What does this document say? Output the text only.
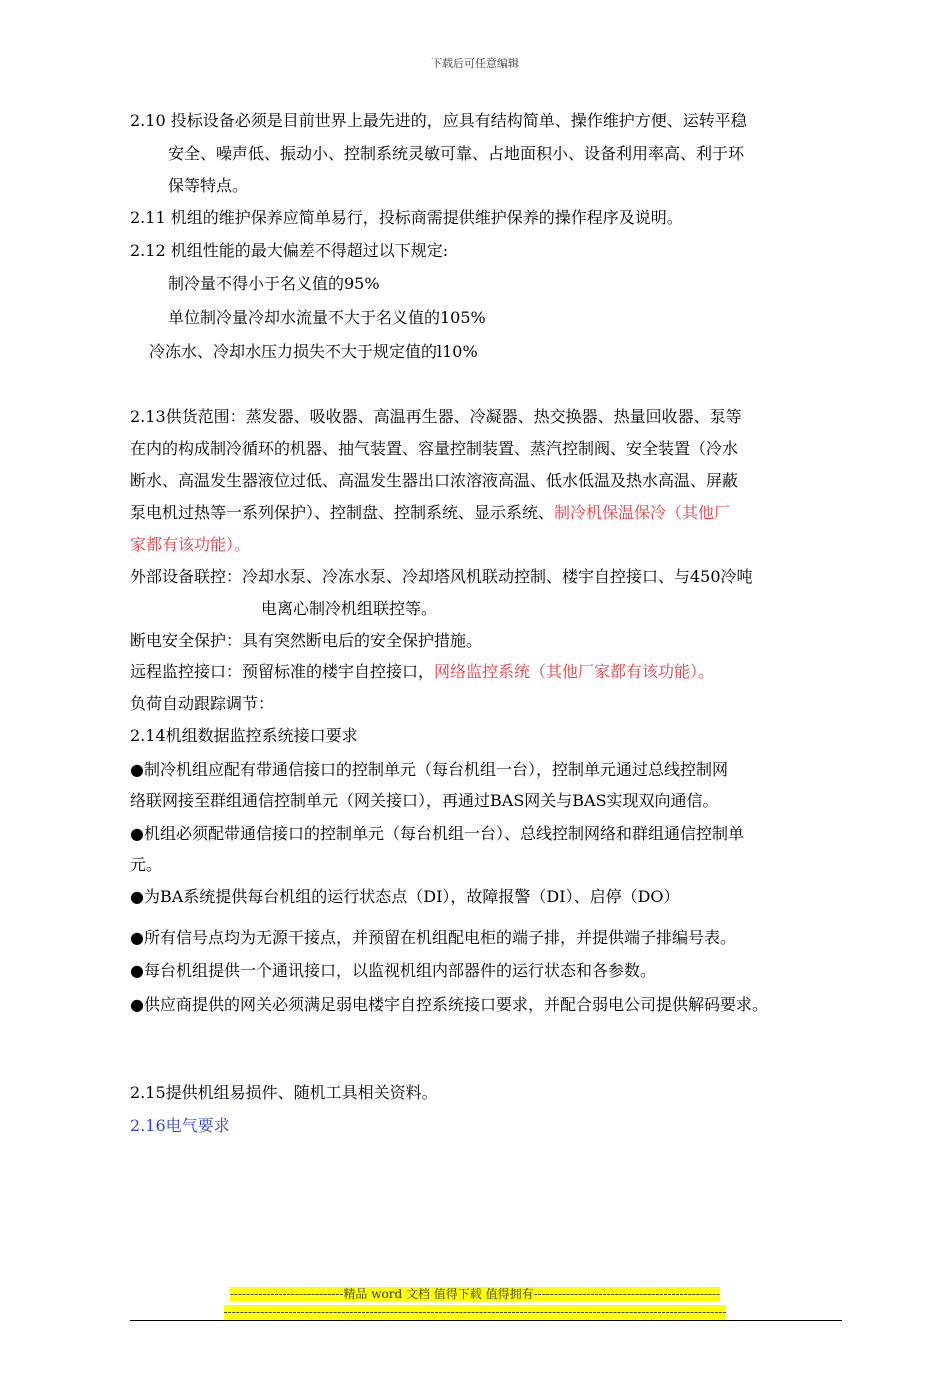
下载后可任意编辑
2.10 投标设备必须是目前世界上最先进的，应具有结构简单、操作维护方便、运转平稳
安全、噪声低、振动小、控制系统灵敏可靠、占地面积小、设备利用率高、利于环
保等特点。
2.11 机组的维护保养应简单易行，投标商需提供维护保养的操作程序及说明。
2.12 机组性能的最大偏差不得超过以下规定:
制冷量不得小于名义值的95%
单位制冷量冷却水流量不大于名义值的105%
冷冻水、冷却水压力损失不大于规定值的l10%
2.13供货范围：蒸发器、吸收器、高温再生器、冷凝器、热交换器、热量回收器、泵等
在内的构成制冷循环的机器、抽气装置、容量控制装置、蒸汽控制阀、安全装置（冷水
断水、高温发生器液位过低、高温发生器出口浓溶液高温、低水低温及热水高温、屏蔽
泵电机过热等一系列保护）、控制盘、控制系统、显示系统、制冷机保温保冷（其他厂
家都有该功能）。
外部设备联控：冷却水泵、冷冻水泵、冷却塔风机联动控制、楼宇自控接口、与450冷吨
电离心制冷机组联控等。
断电安全保护：具有突然断电后的安全保护措施。
远程监控接口：预留标准的楼宇自控接口，网络监控系统（其他厂家都有该功能）。
负荷自动跟踪调节：
2.14机组数据监控系统接口要求
●制冷机组应配有带通信接口的控制单元（每台机组一台），控制单元通过总线控制网
络联网接至群组通信控制单元（网关接口），再通过BAS网关与BAS实现双向通信。
●机组必须配带通信接口的控制单元（每台机组一台）、总线控制网络和群组通信控制单
元。
●为BA系统提供每台机组的运行状态点（DI），故障报警（DI）、启停（DO）
●所有信号点均为无源干接点，并预留在机组配电柜的端子排，并提供端子排编号表。
●每台机组提供一个通讯接口，以监视机组内部器件的运行状态和各参数。
●供应商提供的网关必须满足弱电楼宇自控系统接口要求，并配合弱电公司提供解码要求。
2.15提供机组易损件、随机工具相关资料。
2.16电气要求
----------------------------精品 word 文档 值得下载 值得拥有----------------------------------------------
----------------------------------------------------------------------------------------------------------------------------
